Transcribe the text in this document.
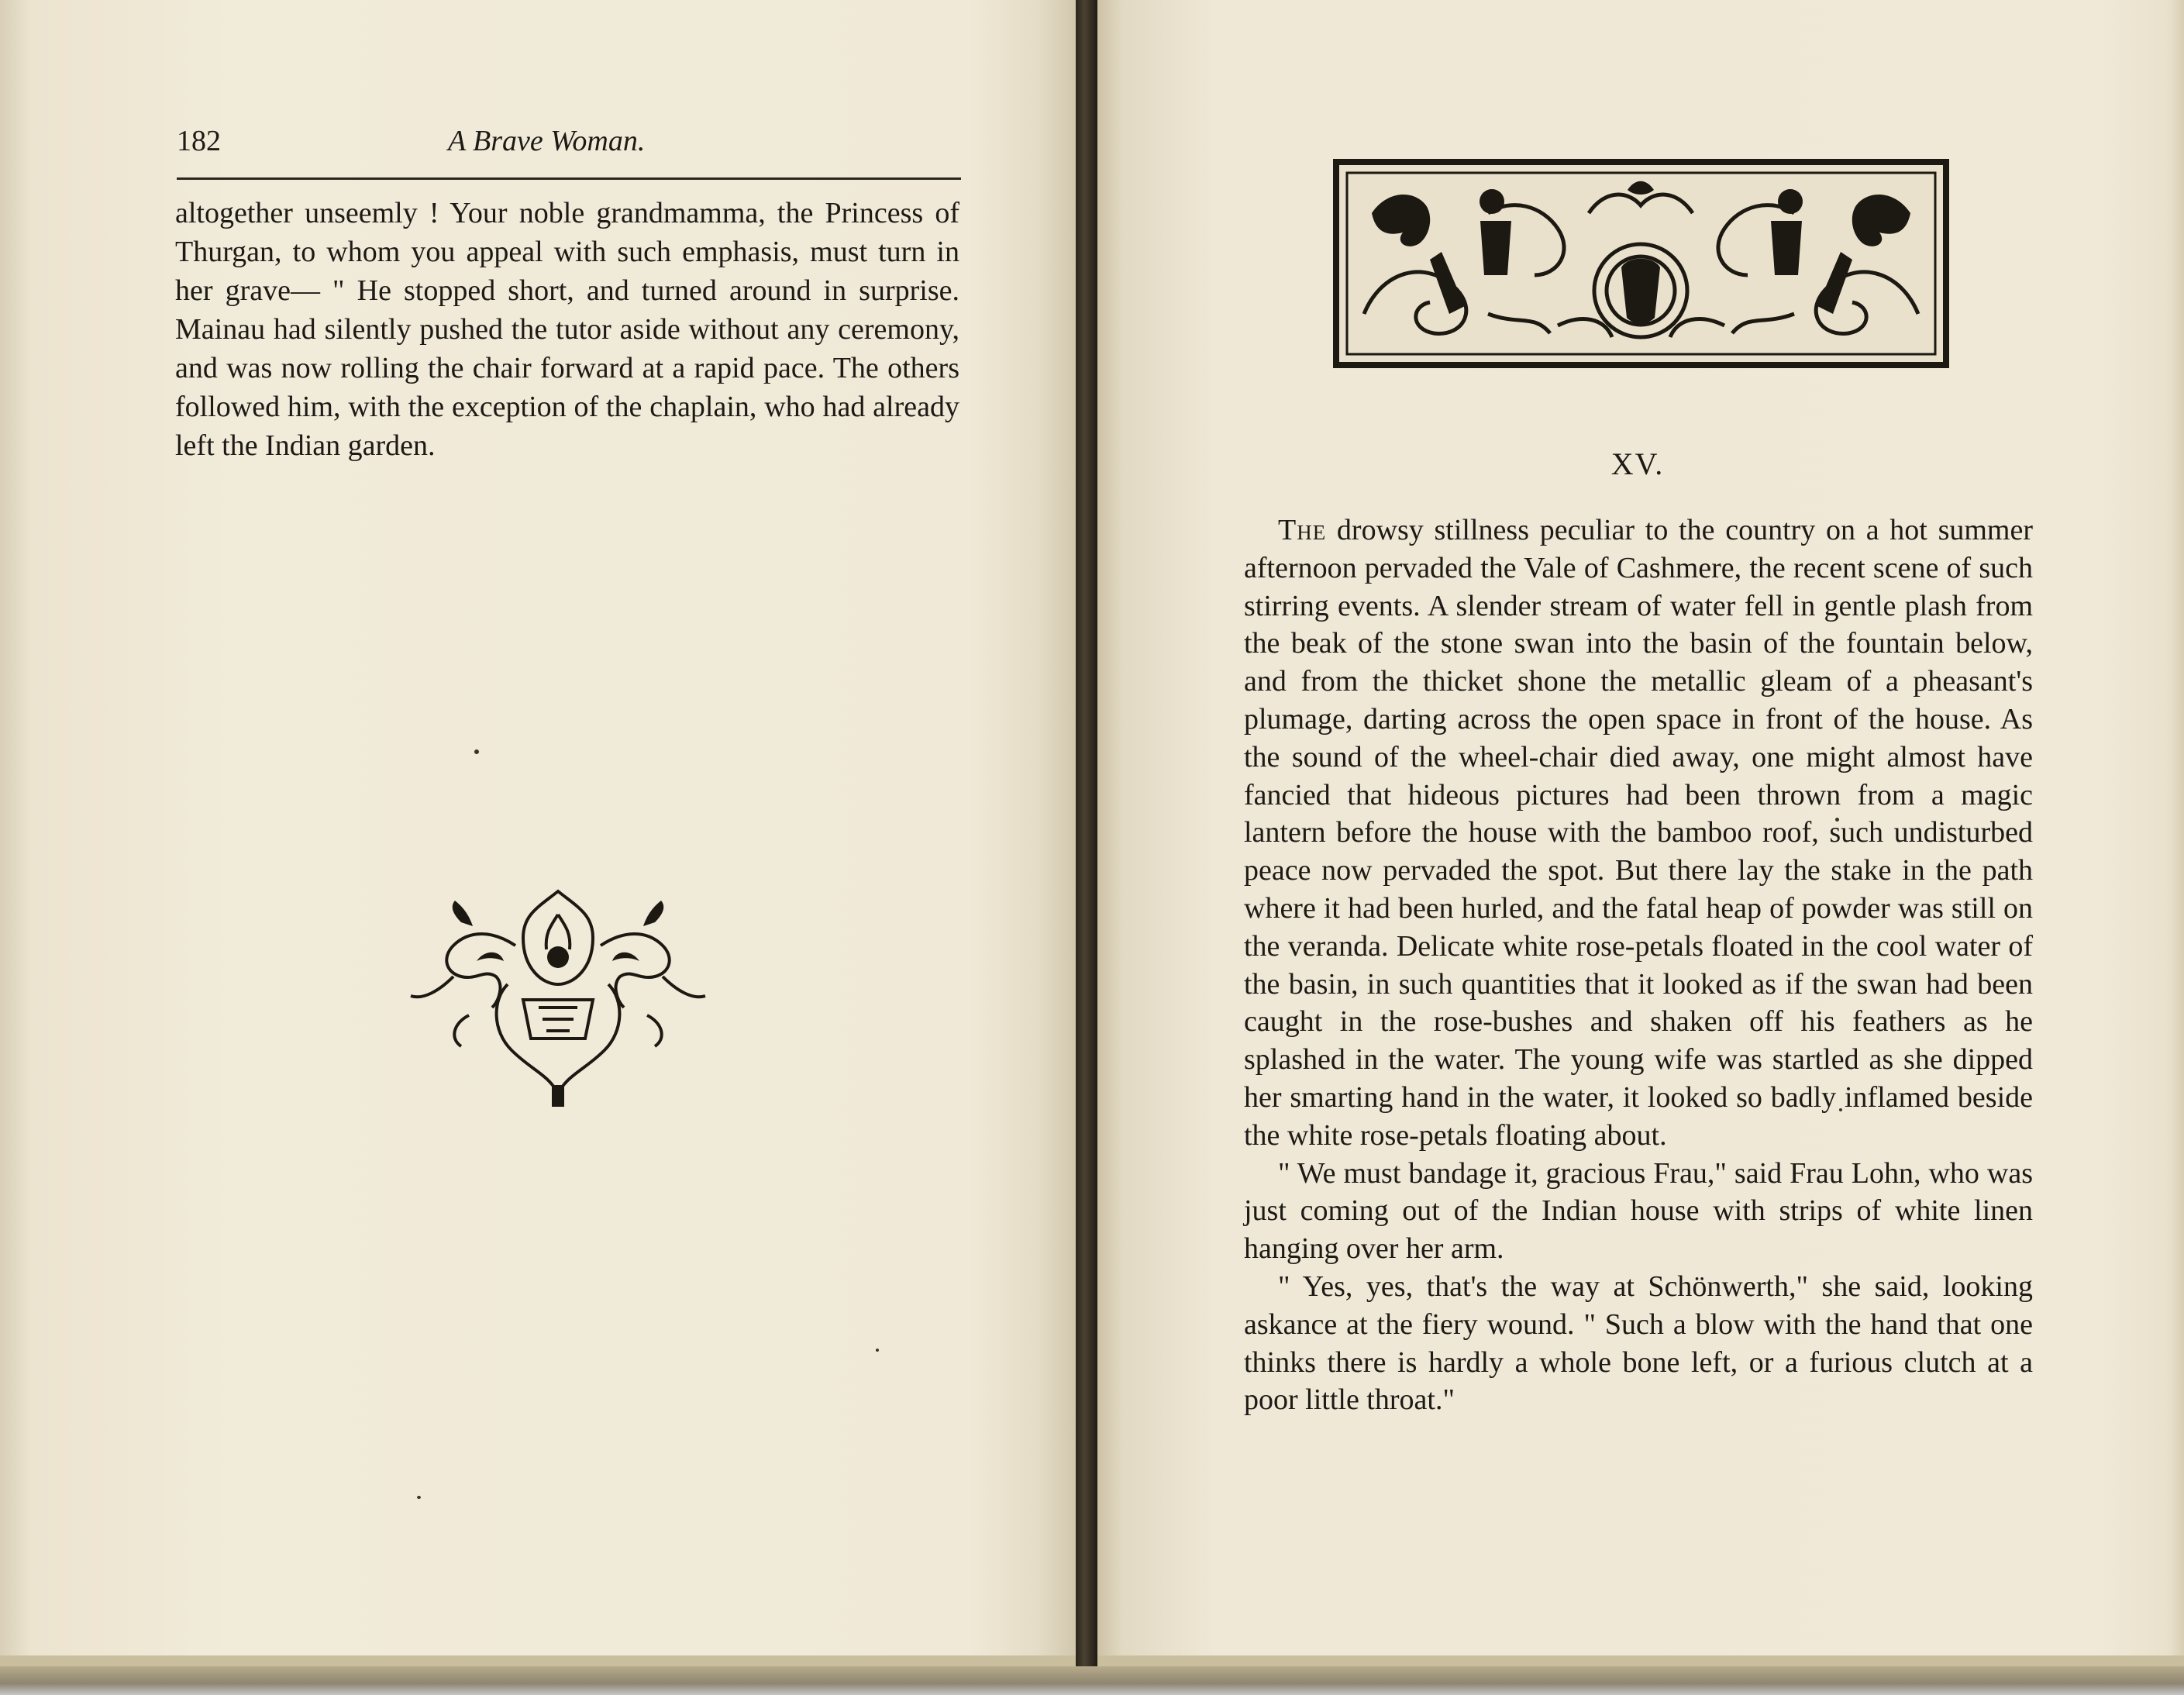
182	A Brave Woman.

altogether unseemly ! Your noble grandmamma, the Princess of Thurgan, to whom you appeal with such emphasis, must turn in her grave— " He stopped short, and turned around in surprise. Mainau had silently pushed the tutor aside without any ceremony, and was now rolling the chair forward at a rapid pace. The others followed him, with the exception of the chaplain, who had already left the Indian garden.

XV.

The drowsy stillness peculiar to the country on a hot summer afternoon pervaded the Vale of Cashmere, the recent scene of such stirring events. A slender stream of water fell in gentle plash from the beak of the stone swan into the basin of the fountain below, and from the thicket shone the metallic gleam of a pheasant's plumage, darting across the open space in front of the house. As the sound of the wheel-chair died away, one might almost have fancied that hideous pictures had been thrown from a magic lantern before the house with the bamboo roof, such undisturbed peace now pervaded the spot. But there lay the stake in the path where it had been hurled, and the fatal heap of powder was still on the veranda. Delicate white rose-petals floated in the cool water of the basin, in such quantities that it looked as if the swan had been caught in the rose-bushes and shaken off his feathers as he splashed in the water. The young wife was startled as she dipped her smarting hand in the water, it looked so badly inflamed beside the white rose-petals floating about.

" We must bandage it, gracious Frau," said Frau Lohn, who was just coming out of the Indian house with strips of white linen hanging over her arm.

" Yes, yes, that's the way at Schönwerth," she said, looking askance at the fiery wound. " Such a blow with the hand that one thinks there is hardly a whole bone left, or a furious clutch at a poor little throat."
